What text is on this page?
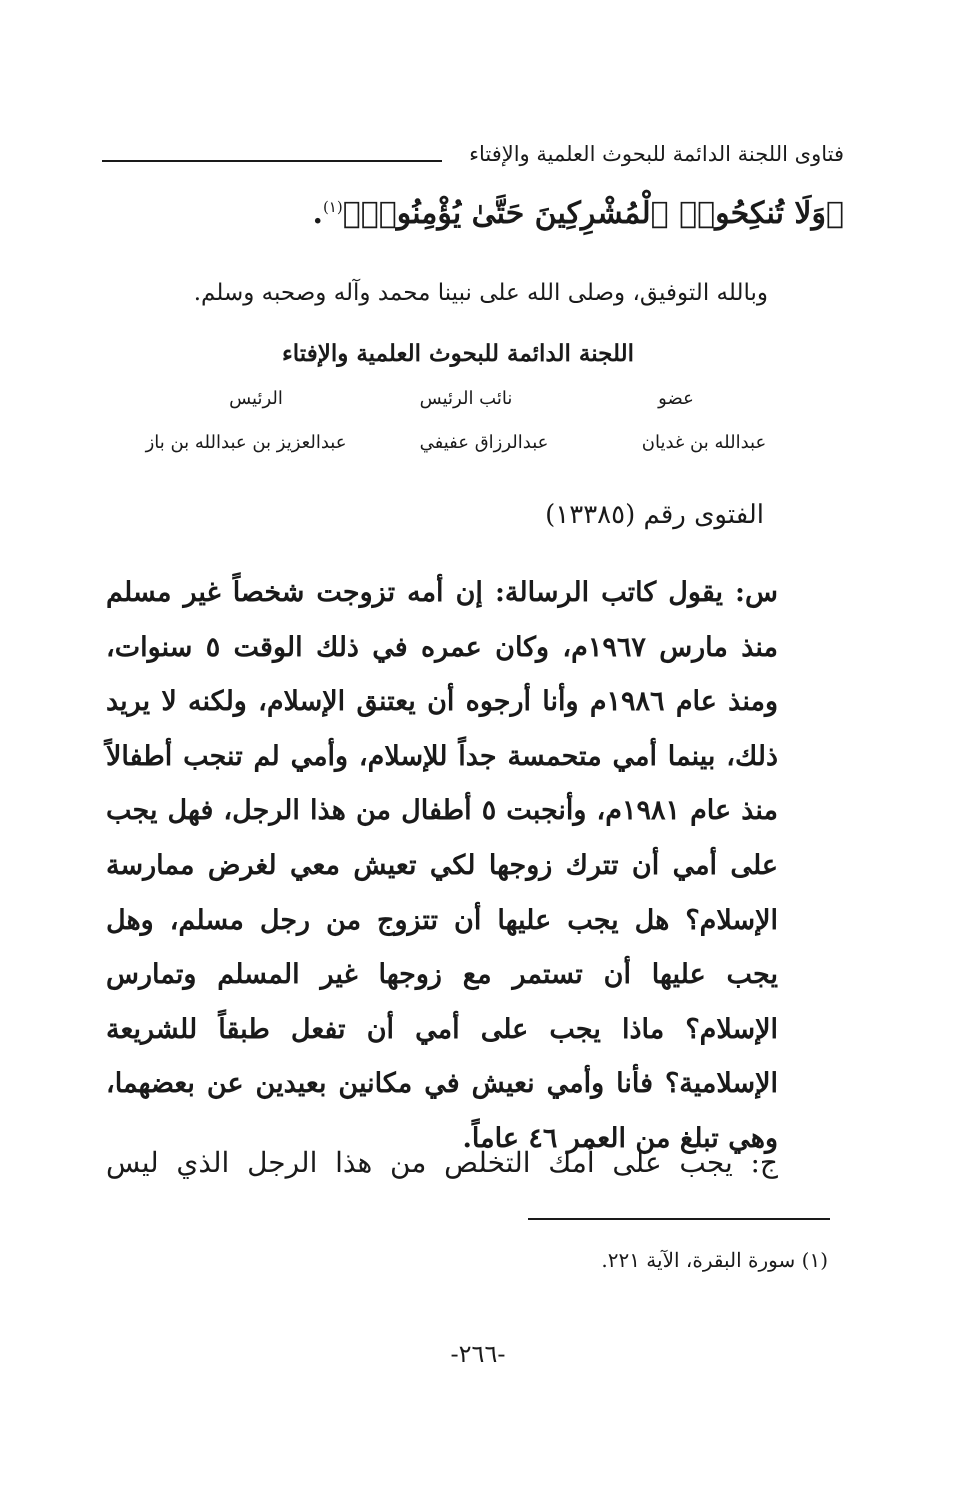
فتاوى اللجنة الدائمة للبحوث العلمية والإفتاء
﴿وَلَا تُنكِحُوا۟ ٱلْمُشْرِكِينَ حَتَّىٰ يُؤْمِنُوا۟﴾$^{(١)}$.
وبالله التوفيق، وصلى الله على نبينا محمد وآله وصحبه وسلم.
اللجنة الدائمة للبحوث العلمية والإفتاء
عضو
نائب الرئيس
الرئيس
عبدالله بن غديان
عبدالرزاق عفيفي
عبدالعزيز بن عبدالله بن باز
الفتوى رقم (١٣٣٨٥)
س: يقول كاتب الرسالة: إن أمه تزوجت شخصاً غير مسلم منذ مارس ١٩٦٧م، وكان عمره في ذلك الوقت ٥ سنوات، ومنذ عام ١٩٨٦م وأنا أرجوه أن يعتنق الإسلام، ولكنه لا يريد ذلك، بينما أمي متحمسة جداً للإسلام، وأمي لم تنجب أطفالاً منذ عام ١٩٨١م، وأنجبت ٥ أطفال من هذا الرجل، فهل يجب على أمي أن تترك زوجها لكي تعيش معي لغرض ممارسة الإسلام؟ هل يجب عليها أن تتزوج من رجل مسلم، وهل يجب عليها أن تستمر مع زوجها غير المسلم وتمارس الإسلام؟ ماذا يجب على أمي أن تفعل طبقاً للشريعة الإسلامية؟ فأنا وأمي نعيش في مكانين بعيدين عن بعضهما، وهي تبلغ من العمر ٤٦ عاماً.
ج: يجب على أمك التخلص من هذا الرجل الذي ليس
(١) سورة البقرة، الآية ٢٢١.
-٢٦٦-
